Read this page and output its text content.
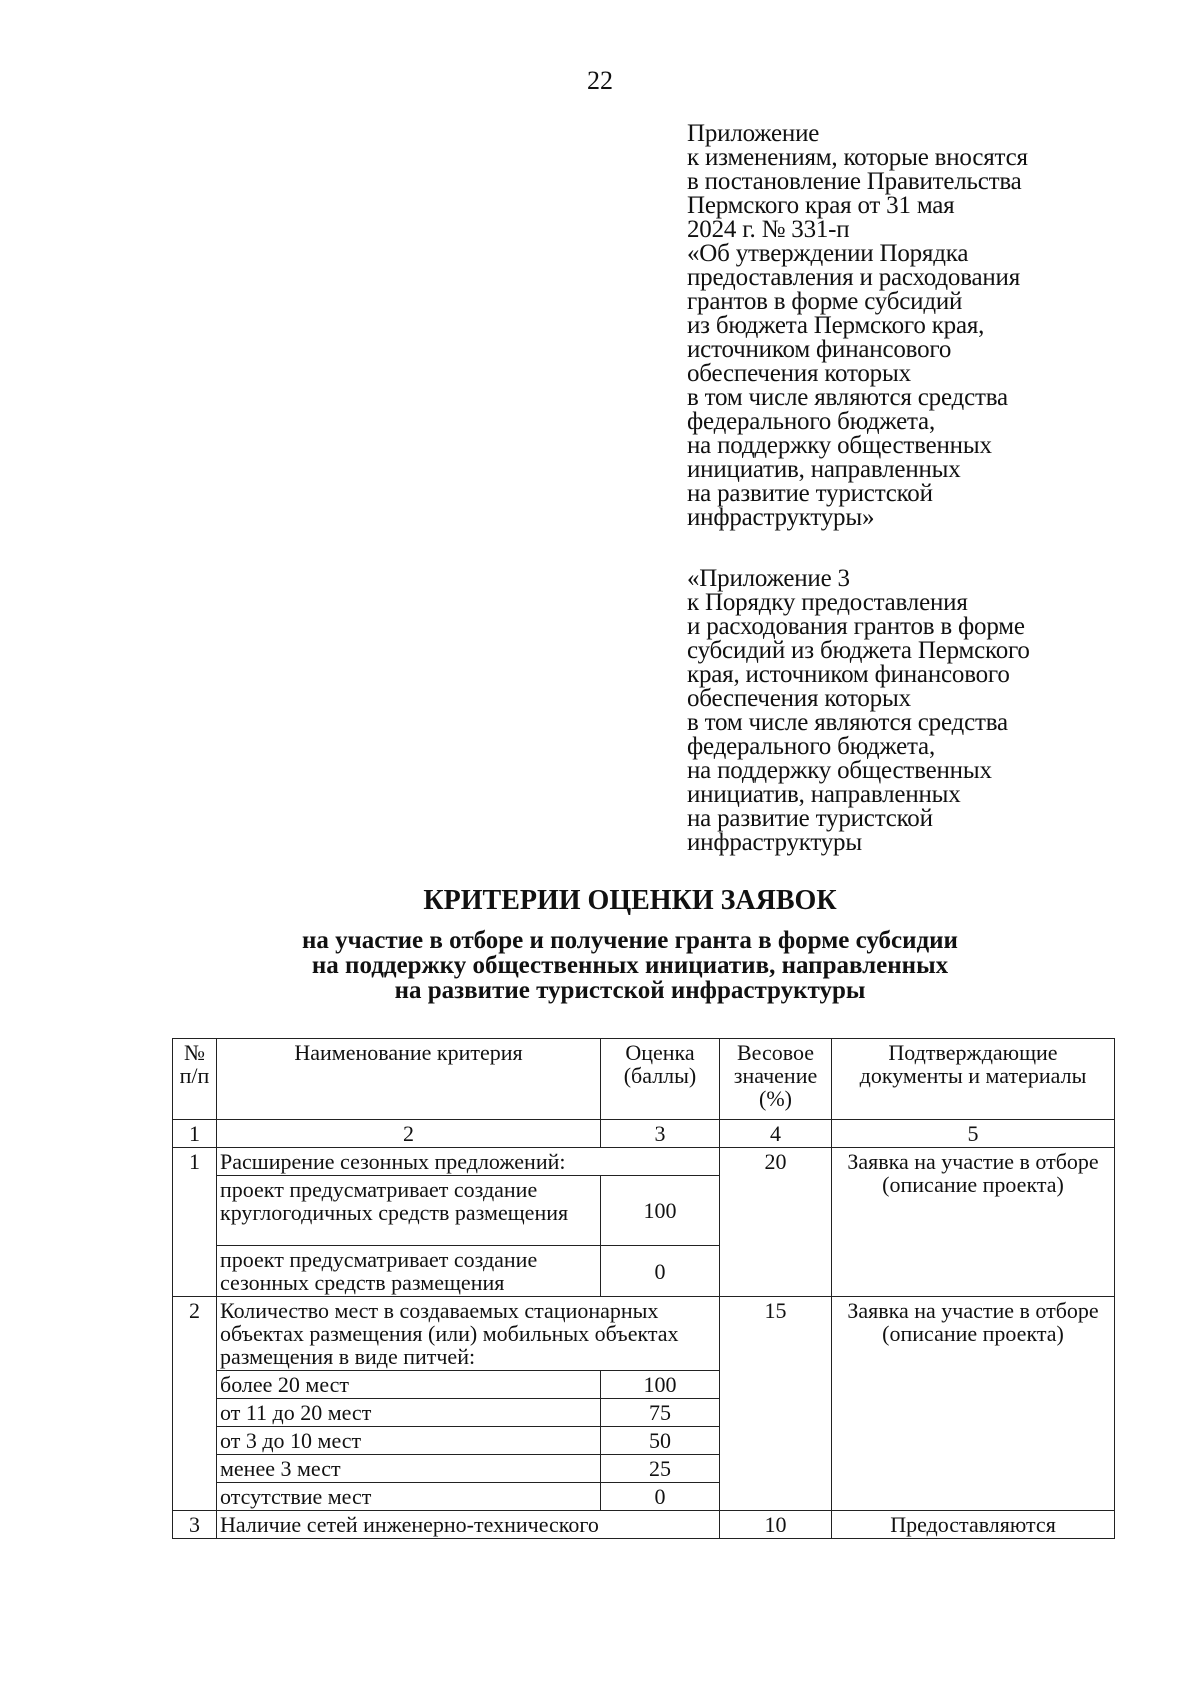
22
Приложение
к изменениям, которые вносятся
в постановление Правительства
Пермского края от 31 мая
2024 г. № 331-п
«Об утверждении Порядка
предоставления и расходования
грантов в форме субсидий
из бюджета Пермского края,
источником финансового
обеспечения которых
в том числе являются средства
федерального бюджета,
на поддержку общественных
инициатив, направленных
на развитие туристской
инфраструктуры»
«Приложение 3
к Порядку предоставления
и расходования грантов в форме
субсидий из бюджета Пермского
края, источником финансового
обеспечения которых
в том числе являются средства
федерального бюджета,
на поддержку общественных
инициатив, направленных
на развитие туристской
инфраструктуры
КРИТЕРИИ ОЦЕНКИ ЗАЯВОК
на участие в отборе и получение гранта в форме субсидии
на поддержку общественных инициатив, направленных
на развитие туристской инфраструктуры
№ п/п	Наименование критерия	Оценка (баллы)	Весовое значение (%)	Подтверждающие документы и материалы
1	2	3	4	5
1	Расширение сезонных предложений:		20	Заявка на участие в отборе (описание проекта)
	проект предусматривает создание круглогодичных средств размещения	100		
	проект предусматривает создание сезонных средств размещения	0		
2	Количество мест в создаваемых стационарных объектах размещения (или) мобильных объектах размещения в виде питчей:		15	Заявка на участие в отборе (описание проекта)
	более 20 мест	100		
	от 11 до 20 мест	75		
	от 3 до 10 мест	50		
	менее 3 мест	25		
	отсутствие мест	0		
3	Наличие сетей инженерно-технического		10	Предоставляются
